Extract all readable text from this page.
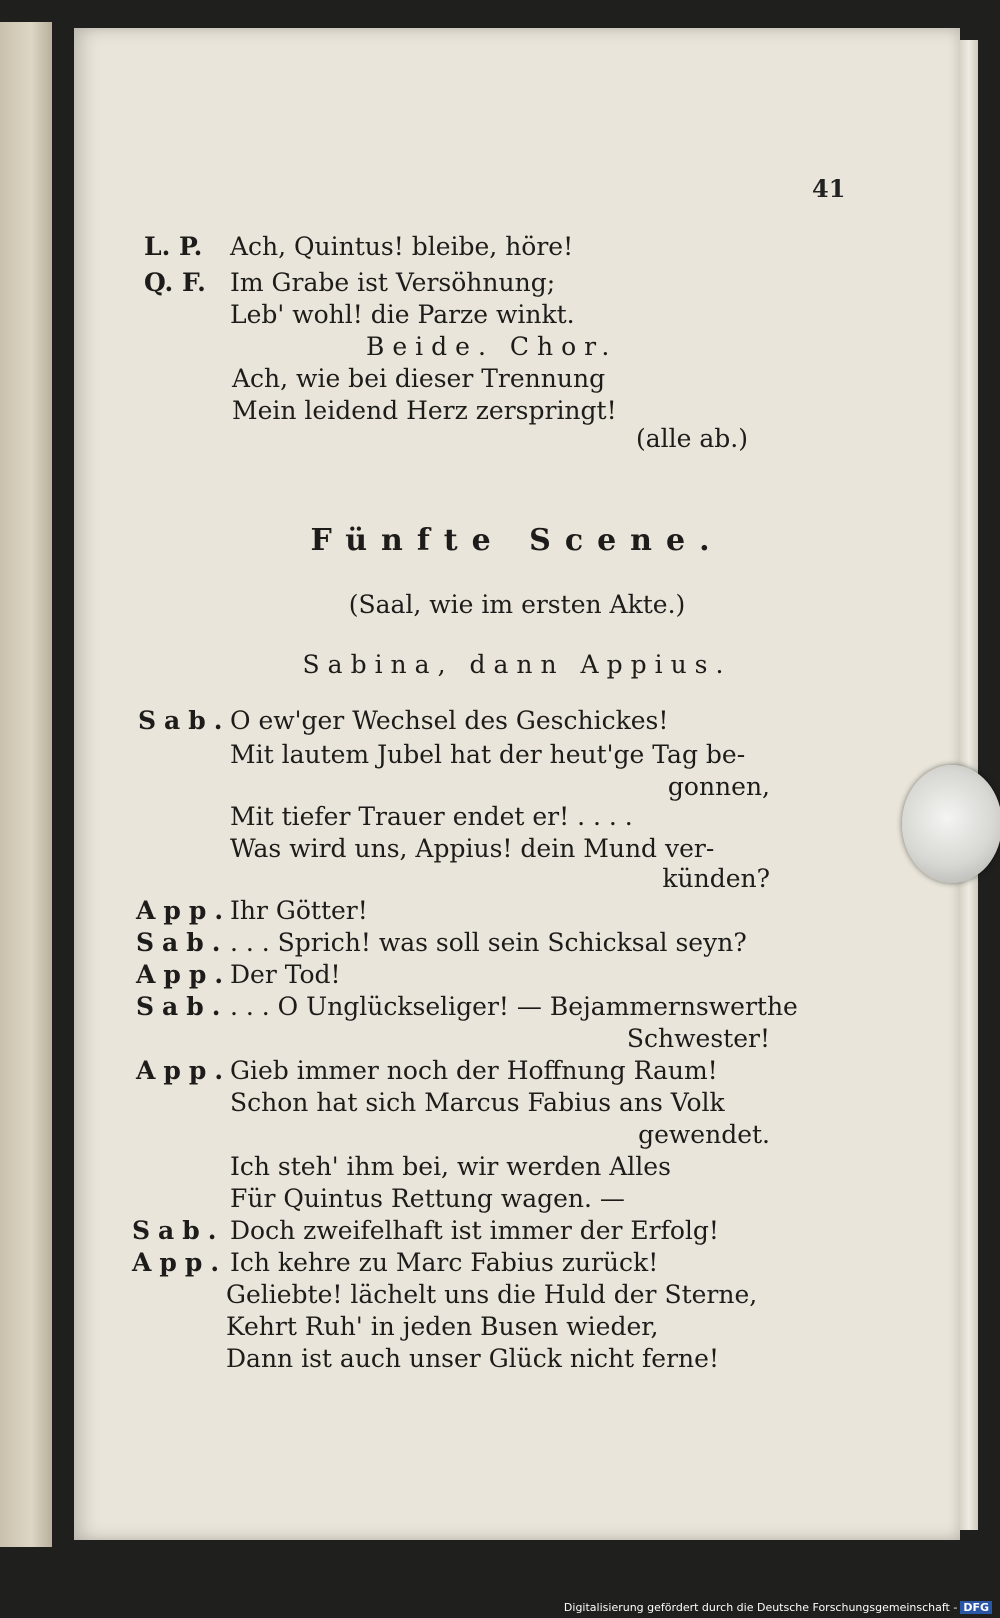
41
L. P. Ach, Quintus! bleibe, höre!
Q. F. Im Grabe ist Versöhnung;
Leb' wohl! die Parze winkt.
Beide. Chor.
Ach, wie bei dieser Trennung
Mein leidend Herz zerspringt!
(alle ab.)
Fünfte Scene.
(Saal, wie im ersten Akte.)
Sabina, dann Appius.
Sab. O ew'ger Wechsel des Geschickes!
Mit lautem Jubel hat der heut'ge Tag be-
gonnen,
Mit tiefer Trauer endet er! . . . .
Was wird uns, Appius! dein Mund ver-
künden?
App.
Ihr Götter!
Sab. . . . Sprich! was soll sein Schicksal seyn?
App.
Der Tod!
Sab. . . . O Unglückseliger! — Bejammernswerthe
Schwester!
App.
Gieb immer noch der Hoffnung Raum!
Schon hat sich Marcus Fabius ans Volk
gewendet.
Ich steh' ihm bei, wir werden Alles
Für Quintus Rettung wagen. —
Sab. Doch zweifelhaft ist immer der Erfolg!
App. Ich kehre zu Marc Fabius zurück!
Geliebte! lächelt uns die Huld der Sterne,
Kehrt Ruh' in jeden Busen wieder,
Dann ist auch unser Glück nicht ferne!
Digitalisierung gefördert durch die Deutsche Forschungsgemeinschaft - DFG
